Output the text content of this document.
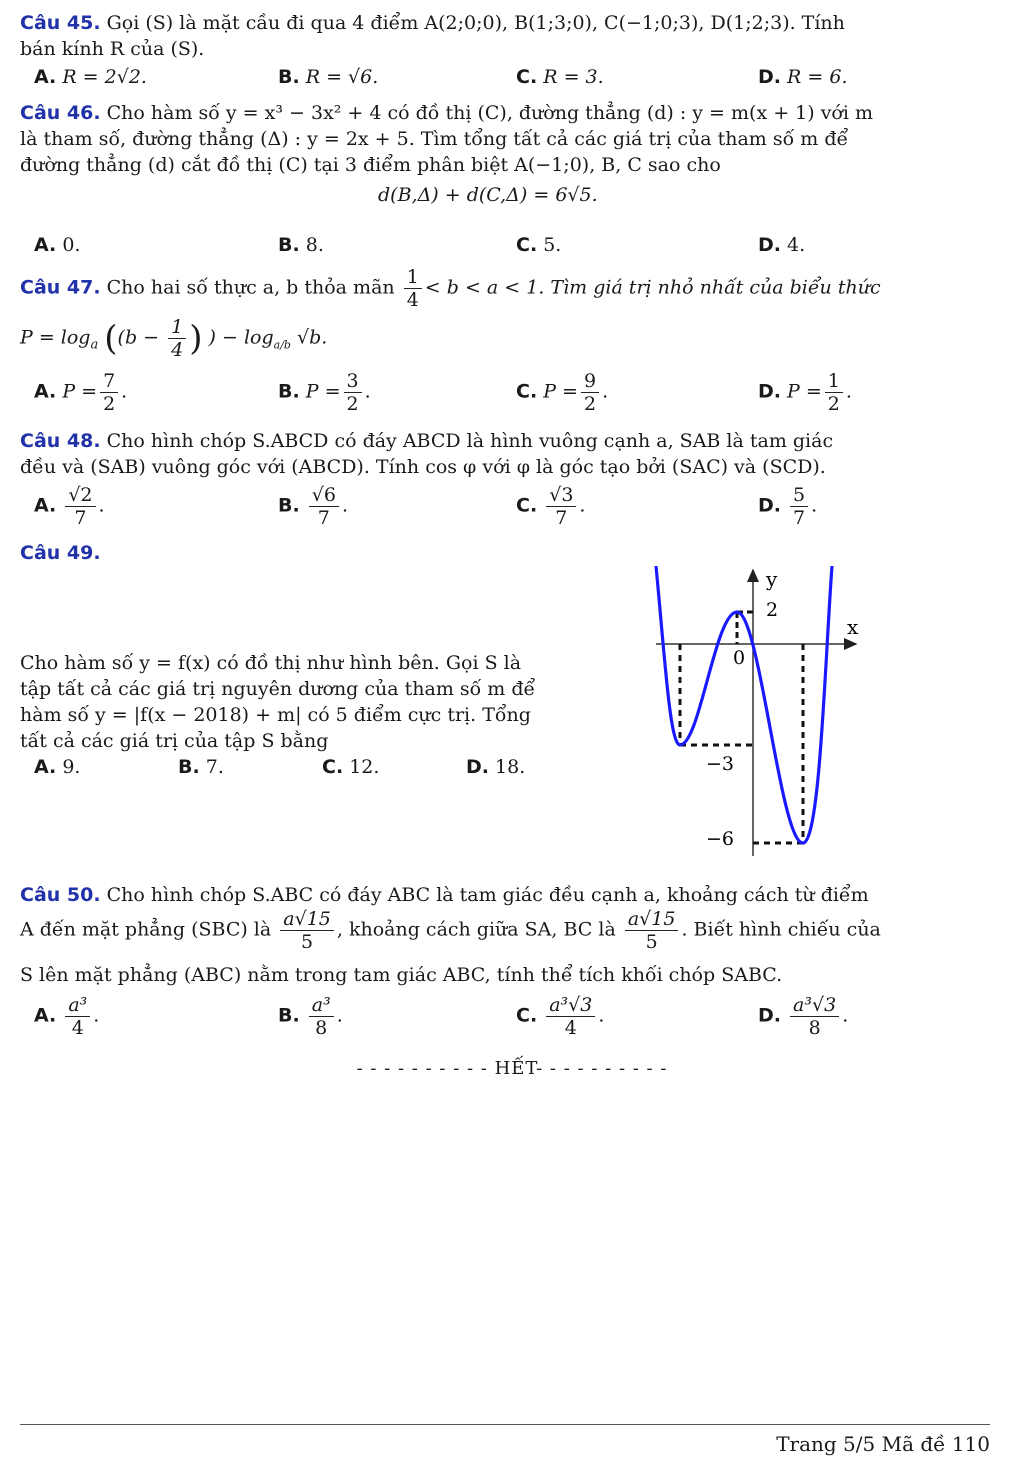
Câu 45. Gọi (S) là mặt cầu đi qua 4 điểm A(2;0;0), B(1;3;0), C(−1;0;3), D(1;2;3). Tính
bán kính R của (S).
A. R = 2√2.	B. R = √6.	C. R = 3.	D. R = 6.
Câu 46. Cho hàm số y = x³ − 3x² + 4 có đồ thị (C), đường thẳng (d) : y = m(x + 1) với m
là tham số, đường thẳng (Δ) : y = 2x + 5. Tìm tổng tất cả các giá trị của tham số m để
đường thẳng (d) cắt đồ thị (C) tại 3 điểm phân biệt A(−1;0), B, C sao cho
d(B,Δ) + d(C,Δ) = 6√5.
A. 0.	B. 8.	C. 5.	D. 4.
Câu 47. Cho hai số thực a, b thỏa mãn $\frac{1}{4} < b < a < 1$. Tìm giá trị nhỏ nhất của biểu thức
$P = \log_a ((b - \frac{1}{4}$ ) ) − $\log_{a/b} √b$.
A. $P = \frac{7}{2}$ .	B. $P = \frac{3}{2}$ .	C. $P = \frac{9}{2}$ .	D. $P = \frac{1}{2}$ .
Câu 48. Cho hình chóp S.ABCD có đáy ABCD là hình vuông cạnh a, SAB là tam giác
đều và (SAB) vuông góc với (ABCD). Tính cos φ với φ là góc tạo bởi (SAC) và (SCD).
A. $\frac{√2}{7}$ .	B. $\frac{√6}{7}$ .	C. $\frac{√3}{7}$ .	D. $\frac{5}{7}$ .
Câu 49.
Cho hàm số y = f(x) có đồ thị như hình bên. Gọi S là
tập tất cả các giá trị nguyên dương của tham số m để
hàm số y = |f(x − 2018) + m| có 5 điểm cực trị. Tổng
tất cả các giá trị của tập S bằng
A. 9.	B. 7.	C. 12.	D. 18.
y
x
0
2
−3
−6
Câu 50. Cho hình chóp S.ABC có đáy ABC là tam giác đều cạnh a, khoảng cách từ điểm
A đến mặt phẳng (SBC) là $\frac{a√15}{5}$ , khoảng cách giữa SA, BC là $\frac{a√15}{5}$ . Biết hình chiếu của
S lên mặt phẳng (ABC) nằm trong tam giác ABC, tính thể tích khối chóp SABC.
A. $\frac{\text{a³}}{4}$ .	B. $\frac{\text{a³}}{8}$ .	C. $\frac{\text{a³√3}}{4}$ .	D. $\frac{\text{a³√3}}{8}$ .
- - - - - - - - - - HẾT- - - - - - - - - -
Trang 5/5 Mã đề 110
